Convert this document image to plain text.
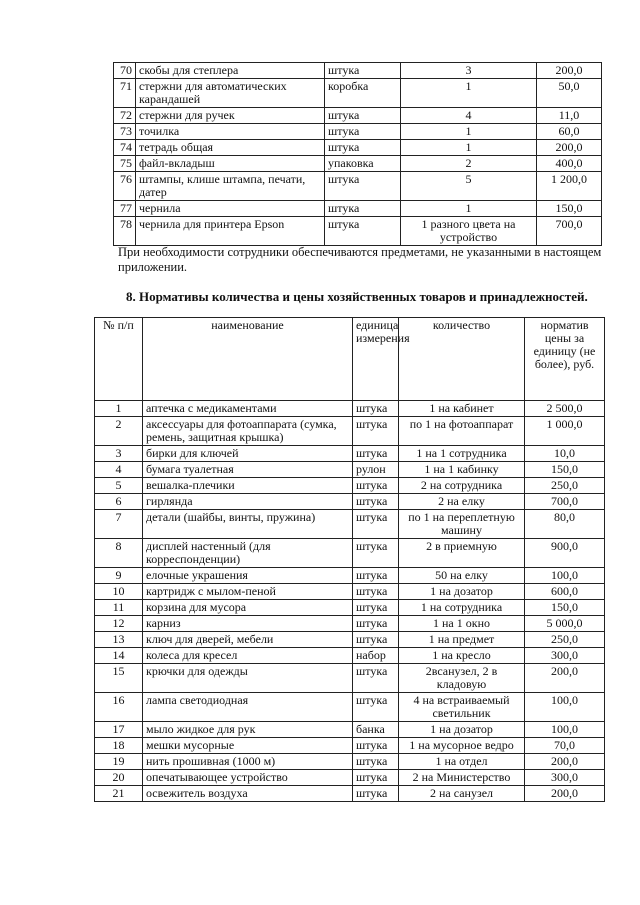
70	скобы для степлера	штука	3	200,0
71	стержни для автоматических карандашей	коробка	1	50,0
72	стержни для ручек	штука	4	11,0
73	точилка	штука	1	60,0
74	тетрадь общая	штука	1	200,0
75	файл-вкладыш	упаковка	2	400,0
76	штампы, клише штампа, печати, датер	штука	5	1 200,0
77	чернила	штука	1	150,0
78	чернила для принтера Epson	штука	1 разного цвета на устройство	700,0
При необходимости сотрудники обеспечиваются предметами, не указанными в настоящем приложении.
8. Нормативы количества и цены хозяйственных товаров и принадлежностей.
№ п/п	наименование	единица измерения	количество	норматив цены за единицу (не более), руб.
1	аптечка с медикаментами	штука	1 на кабинет	2 500,0
2	аксессуары для фотоаппарата (сумка, ремень, защитная крышка)	штука	по 1 на фотоаппарат	1 000,0
3	бирки для ключей	штука	1 на 1 сотрудника	10,0
4	бумага туалетная	рулон	1 на 1 кабинку	150,0
5	вешалка-плечики	штука	2 на сотрудника	250,0
6	гирлянда	штука	2 на елку	700,0
7	детали (шайбы, винты, пружина)	штука	по 1 на переплетную машину	80,0
8	дисплей настенный (для корреспонденции)	штука	2 в приемную	900,0
9	елочные украшения	штука	50 на елку	100,0
10	картридж с мылом-пеной	штука	1 на дозатор	600,0
11	корзина для мусора	штука	1 на сотрудника	150,0
12	карниз	штука	1 на 1 окно	5 000,0
13	ключ для дверей, мебели	штука	1 на предмет	250,0
14	колеса для кресел	набор	1 на кресло	300,0
15	крючки для одежды	штука	2всанузел, 2 в кладовую	200,0
16	лампа светодиодная	штука	4 на встраиваемый светильник	100,0
17	мыло жидкое для рук	банка	1 на дозатор	100,0
18	мешки мусорные	штука	1 на мусорное ведро	70,0
19	нить прошивная (1000 м)	штука	1 на отдел	200,0
20	опечатывающее устройство	штука	2 на Министерство	300,0
21	освежитель воздуха	штука	2 на санузел	200,0
